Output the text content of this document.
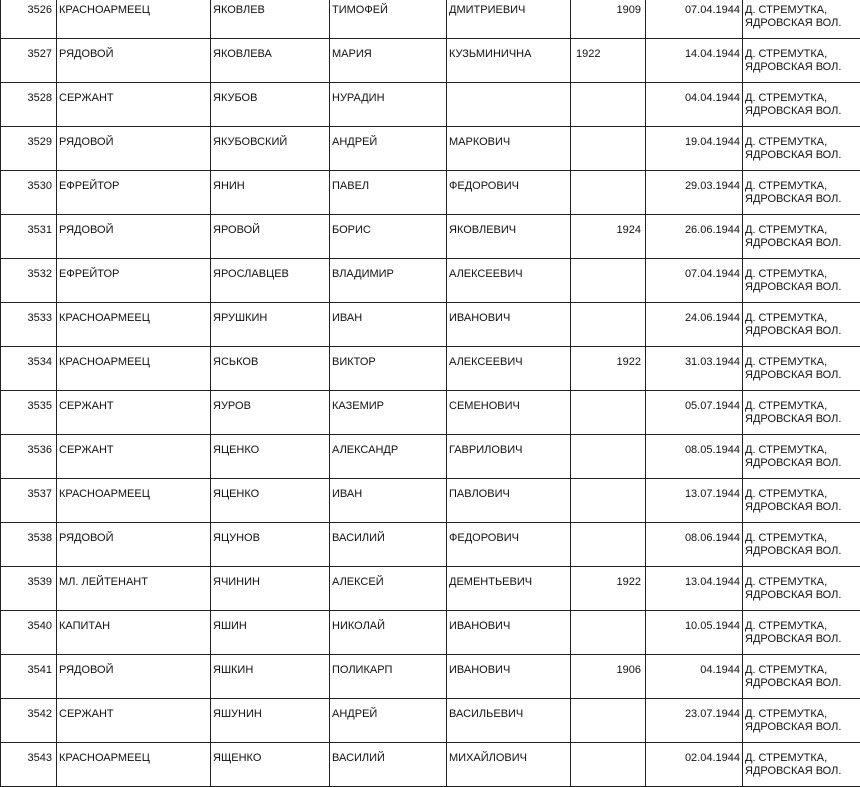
3526	КРАСНОАРМЕЕЦ	ЯКОВЛЕВ	ТИМОФЕЙ	ДМИТРИЕВИЧ	1909	07.04.1944	Д. СТРЕМУТКА, ЯДРОВСКАЯ ВОЛ.
3527	РЯДОВОЙ	ЯКОВЛЕВА	МАРИЯ	КУЗЬМИНИЧНА	1922	14.04.1944	Д. СТРЕМУТКА, ЯДРОВСКАЯ ВОЛ.
3528	СЕРЖАНТ	ЯКУБОВ	НУРАДИН			04.04.1944	Д. СТРЕМУТКА, ЯДРОВСКАЯ ВОЛ.
3529	РЯДОВОЙ	ЯКУБОВСКИЙ	АНДРЕЙ	МАРКОВИЧ		19.04.1944	Д. СТРЕМУТКА, ЯДРОВСКАЯ ВОЛ.
3530	ЕФРЕЙТОР	ЯНИН	ПАВЕЛ	ФЕДОРОВИЧ		29.03.1944	Д. СТРЕМУТКА, ЯДРОВСКАЯ ВОЛ.
3531	РЯДОВОЙ	ЯРОВОЙ	БОРИС	ЯКОВЛЕВИЧ	1924	26.06.1944	Д. СТРЕМУТКА, ЯДРОВСКАЯ ВОЛ.
3532	ЕФРЕЙТОР	ЯРОСЛАВЦЕВ	ВЛАДИМИР	АЛЕКСЕЕВИЧ		07.04.1944	Д. СТРЕМУТКА, ЯДРОВСКАЯ ВОЛ.
3533	КРАСНОАРМЕЕЦ	ЯРУШКИН	ИВАН	ИВАНОВИЧ		24.06.1944	Д. СТРЕМУТКА, ЯДРОВСКАЯ ВОЛ.
3534	КРАСНОАРМЕЕЦ	ЯСЬКОВ	ВИКТОР	АЛЕКСЕЕВИЧ	1922	31.03.1944	Д. СТРЕМУТКА, ЯДРОВСКАЯ ВОЛ.
3535	СЕРЖАНТ	ЯУРОВ	КАЗЕМИР	СЕМЕНОВИЧ		05.07.1944	Д. СТРЕМУТКА, ЯДРОВСКАЯ ВОЛ.
3536	СЕРЖАНТ	ЯЦЕНКО	АЛЕКСАНДР	ГАВРИЛОВИЧ		08.05.1944	Д. СТРЕМУТКА, ЯДРОВСКАЯ ВОЛ.
3537	КРАСНОАРМЕЕЦ	ЯЦЕНКО	ИВАН	ПАВЛОВИЧ		13.07.1944	Д. СТРЕМУТКА, ЯДРОВСКАЯ ВОЛ.
3538	РЯДОВОЙ	ЯЦУНОВ	ВАСИЛИЙ	ФЕДОРОВИЧ		08.06.1944	Д. СТРЕМУТКА, ЯДРОВСКАЯ ВОЛ.
3539	МЛ. ЛЕЙТЕНАНТ	ЯЧИНИН	АЛЕКСЕЙ	ДЕМЕНТЬЕВИЧ	1922	13.04.1944	Д. СТРЕМУТКА, ЯДРОВСКАЯ ВОЛ.
3540	КАПИТАН	ЯШИН	НИКОЛАЙ	ИВАНОВИЧ		10.05.1944	Д. СТРЕМУТКА, ЯДРОВСКАЯ ВОЛ.
3541	РЯДОВОЙ	ЯШКИН	ПОЛИКАРП	ИВАНОВИЧ	1906	04.1944	Д. СТРЕМУТКА, ЯДРОВСКАЯ ВОЛ.
3542	СЕРЖАНТ	ЯШУНИН	АНДРЕЙ	ВАСИЛЬЕВИЧ		23.07.1944	Д. СТРЕМУТКА, ЯДРОВСКАЯ ВОЛ.
3543	КРАСНОАРМЕЕЦ	ЯЩЕНКО	ВАСИЛИЙ	МИХАЙЛОВИЧ		02.04.1944	Д. СТРЕМУТКА, ЯДРОВСКАЯ ВОЛ.
